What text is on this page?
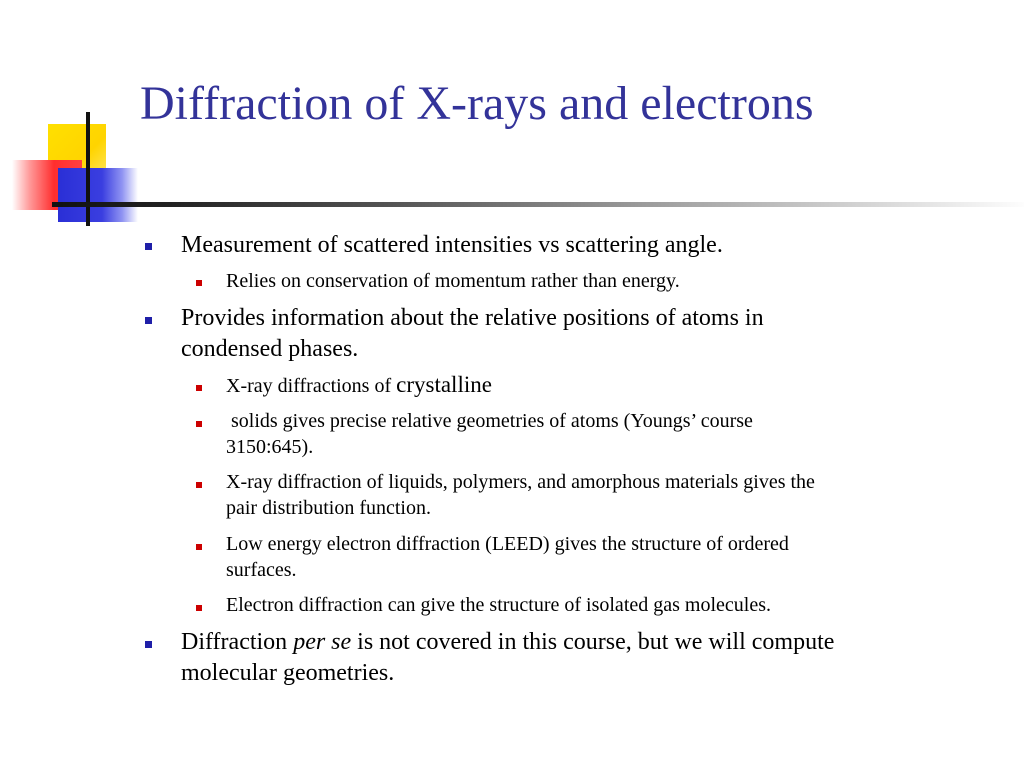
Diffraction of X-rays and electrons
Measurement of scattered intensities vs scattering angle.
Relies on conservation of momentum rather than energy.
Provides information about the relative positions of atoms in
condensed phases.
X-ray diffractions of crystalline
solids gives precise relative geometries of atoms (Youngs’ course
3150:645).
X-ray diffraction of liquids, polymers, and amorphous materials gives the
pair distribution function.
Low energy electron diffraction (LEED) gives the structure of ordered
surfaces.
Electron diffraction can give the structure of isolated gas molecules.
Diffraction per se is not covered in this course, but we will compute
molecular geometries.
